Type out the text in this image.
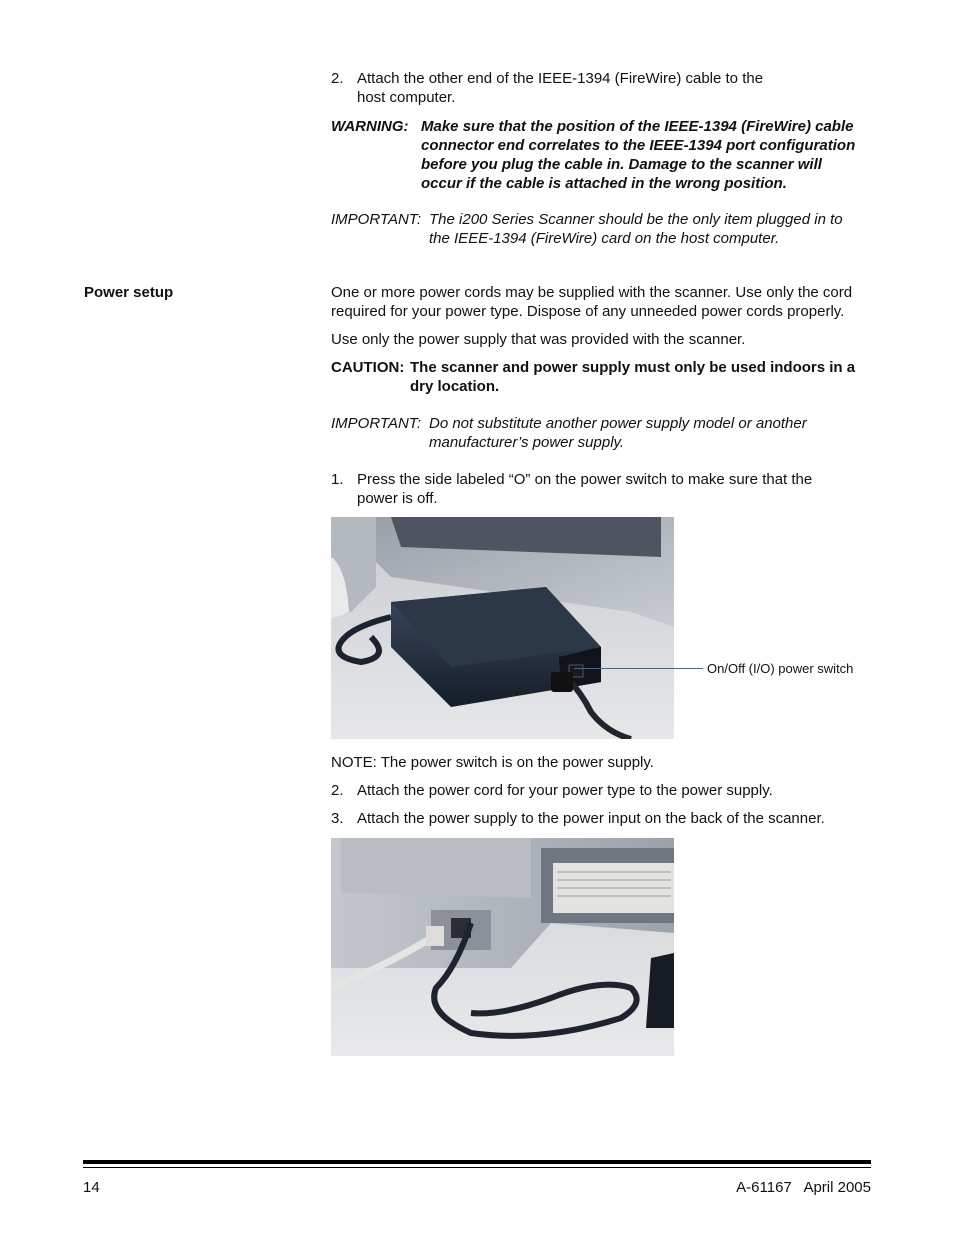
2. Attach the other end of the IEEE-1394 (FireWire) cable to the
host computer.
WARNING: Make sure that the position of the IEEE-1394 (FireWire) cable
connector end correlates to the IEEE-1394 port configuration
before you plug the cable in. Damage to the scanner will
occur if the cable is attached in the wrong position.
IMPORTANT: The i200 Series Scanner should be the only item plugged in to
the IEEE-1394 (FireWire) card on the host computer.
Power setup	One or more power cords may be supplied with the scanner. Use only the cord
required for your power type. Dispose of any unneeded power cords properly.
Use only the power supply that was provided with the scanner.
CAUTION: The scanner and power supply must only be used indoors in a
dry location.
IMPORTANT: Do not substitute another power supply model or another
manufacturer’s power supply.
1. Press the side labeled “O” on the power switch to make sure that the
power is off.
On/Off (I/O) power switch
NOTE: The power switch is on the power supply.
2. Attach the power cord for your power type to the power supply.
3. Attach the power supply to the power input on the back of the scanner.
14	A-61167   April 2005
